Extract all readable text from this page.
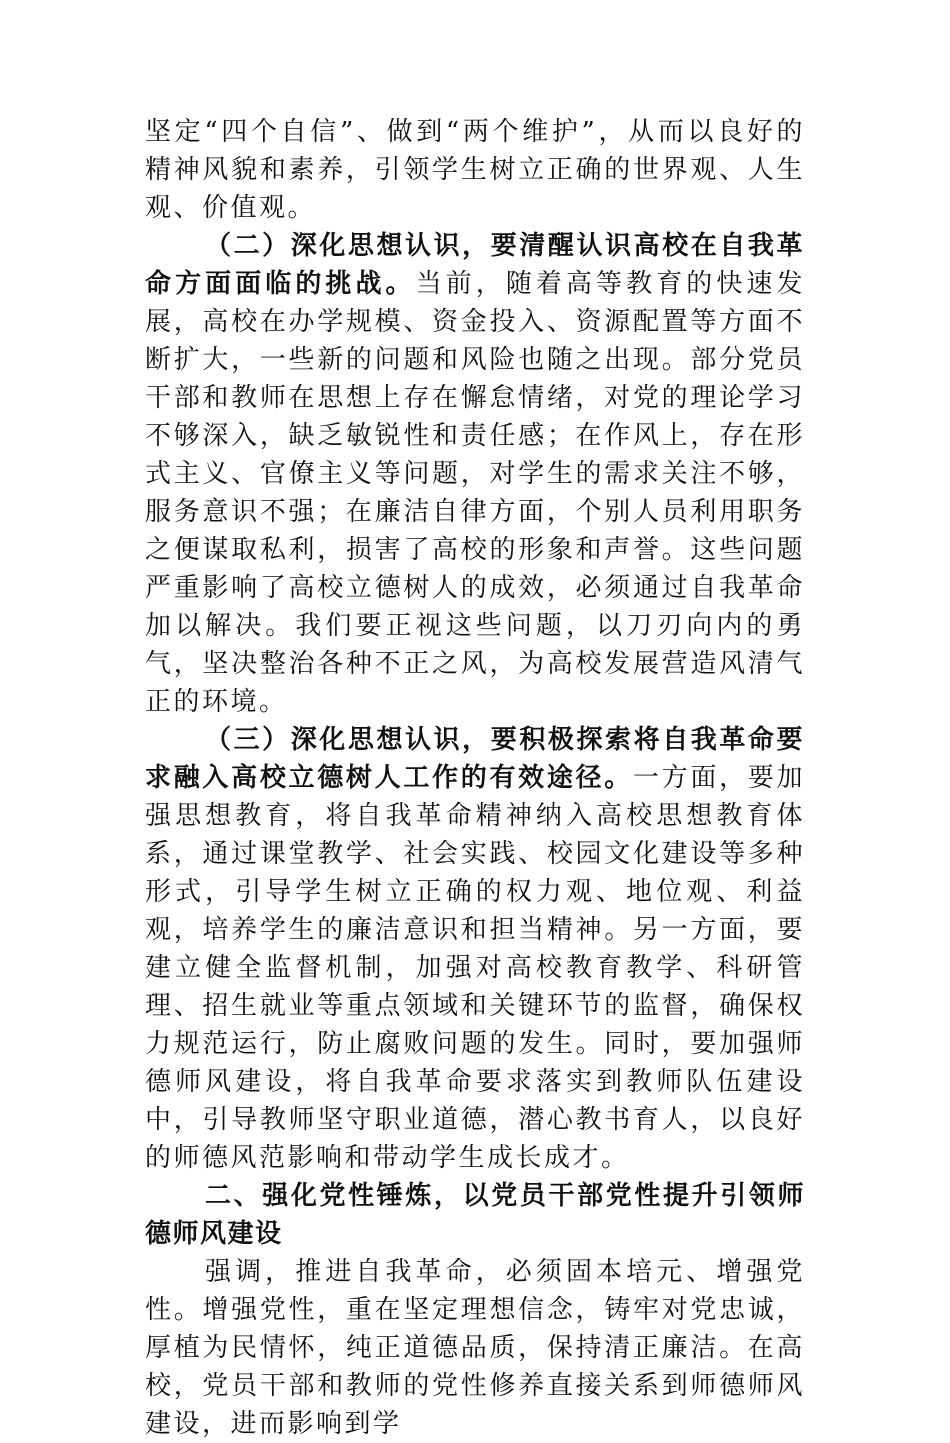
坚定“四个自信”、做到“两个维护”，从而以良好的精神风貌和素养，引领学生树立正确的世界观、人生观、价值观。

（二）深化思想认识，要清醒认识高校在自我革命方面面临的挑战。当前，随着高等教育的快速发展，高校在办学规模、资金投入、资源配置等方面不断扩大，一些新的问题和风险也随之出现。部分党员干部和教师在思想上存在懈怠情绪，对党的理论学习不够深入，缺乏敏锐性和责任感；在作风上，存在形式主义、官僚主义等问题，对学生的需求关注不够，服务意识不强；在廉洁自律方面，个别人员利用职务之便谋取私利，损害了高校的形象和声誉。这些问题严重影响了高校立德树人的成效，必须通过自我革命加以解决。我们要正视这些问题，以刀刃向内的勇气，坚决整治各种不正之风，为高校发展营造风清气正的环境。

（三）深化思想认识，要积极探索将自我革命要求融入高校立德树人工作的有效途径。一方面，要加强思想教育，将自我革命精神纳入高校思想教育体系，通过课堂教学、社会实践、校园文化建设等多种形式，引导学生树立正确的权力观、地位观、利益观，培养学生的廉洁意识和担当精神。另一方面，要建立健全监督机制，加强对高校教育教学、科研管理、招生就业等重点领域和关键环节的监督，确保权力规范运行，防止腐败问题的发生。同时，要加强师德师风建设，将自我革命要求落实到教师队伍建设中，引导教师坚守职业道德，潜心教书育人，以良好的师德风范影响和带动学生成长成才。

二、强化党性锤炼，以党员干部党性提升引领师德师风建设

强调，推进自我革命，必须固本培元、增强党性。增强党性，重在坚定理想信念，铸牢对党忠诚，厚植为民情怀，纯正道德品质，保持清正廉洁。在高校，党员干部和教师的党性修养直接关系到师德师风建设，进而影响到学
